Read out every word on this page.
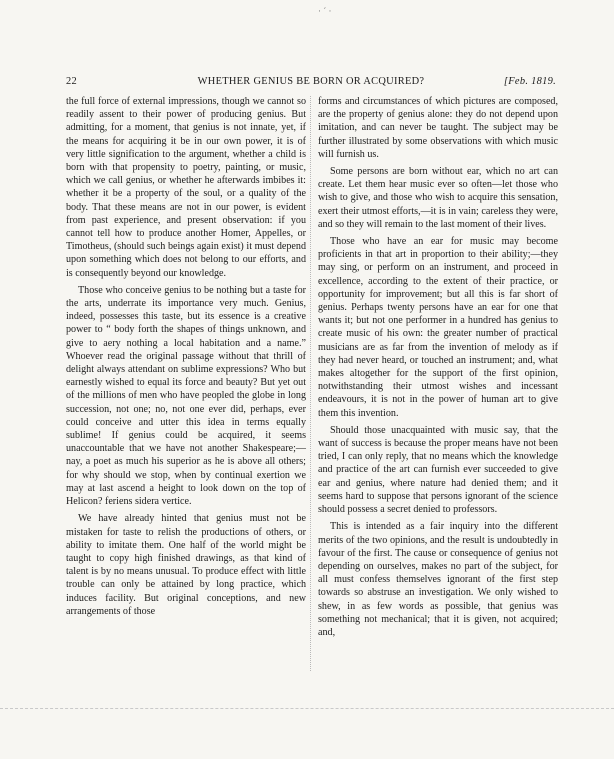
· ´ ·
22	WHETHER GENIUS BE BORN OR ACQUIRED?	[Feb. 1819.

the full force of external impressions, though we cannot so readily assent to their power of producing genius. But admitting, for a moment, that genius is not innate, yet, if the means for acquiring it be in our own power, it is of very little signification to the argument, whether a child is born with that propensity to poetry, painting, or music, which we call genius, or whether he afterwards imbibes it: whether it be a property of the soul, or a quality of the body. That these means are not in our power, is evident from past experience, and present observation: if you cannot tell how to produce another Homer, Appelles, or Timotheus, (should such beings again exist) it must depend upon something which does not belong to our efforts, and is consequently beyond our knowledge.

Those who conceive genius to be nothing but a taste for the arts, underrate its importance very much. Genius, indeed, possesses this taste, but its essence is a creative power to “ body forth the shapes of things unknown, and give to aery nothing a local habitation and a name.” Whoever read the original passage without that thrill of delight always attendant on sublime expressions? Who but earnestly wished to equal its force and beauty? But yet out of the millions of men who have peopled the globe in long succession, not one; no, not one ever did, perhaps, ever could conceive and utter this idea in terms equally sublime! If genius could be acquired, it seems unaccountable that we have not another Shakespeare;—nay, a poet as much his superior as he is above all others; for why should we stop, when by continual exertion we may at last ascend a height to look down on the top of Helicon? feriens sidera vertice.

We have already hinted that genius must not be mistaken for taste to relish the productions of others, or ability to imitate them. One half of the world might be taught to copy high finished drawings, as that kind of talent is by no means unusual. To produce effect with little trouble can only be attained by long practice, which induces facility. But original conceptions, and new arrangements of those

forms and circumstances of which pictures are composed, are the property of genius alone: they do not depend upon imitation, and can never be taught. The subject may be further illustrated by some observations with which music will furnish us.

Some persons are born without ear, which no art can create. Let them hear music ever so often—let those who wish to give, and those who wish to acquire this sensation, exert their utmost efforts,—it is in vain; careless they were, and so they will remain to the last moment of their lives.

Those who have an ear for music may become proficients in that art in proportion to their ability;—they may sing, or perform on an instrument, and proceed in excellence, according to the extent of their practice, or opportunity for improvement; but all this is far short of genius. Perhaps twenty persons have an ear for one that wants it; but not one performer in a hundred has genius to create music of his own: the greater number of practical musicians are as far from the invention of melody as if they had never heard, or touched an instrument; and, what makes altogether for the support of the first opinion, notwithstanding their utmost wishes and incessant endeavours, it is not in the power of human art to give them this invention.

Should those unacquainted with music say, that the want of success is because the proper means have not been tried, I can only reply, that no means which the knowledge and practice of the art can furnish ever succeeded to give ear and genius, where nature had denied them; and it seems hard to suppose that persons ignorant of the science should possess a secret denied to professors.

This is intended as a fair inquiry into the different merits of the two opinions, and the result is undoubtedly in favour of the first. The cause or consequence of genius not depending on ourselves, makes no part of the subject, for all must confess themselves ignorant of the first step towards so abstruse an investigation. We only wished to shew, in as few words as possible, that genius was something not mechanical; that it is given, not acquired; and,
